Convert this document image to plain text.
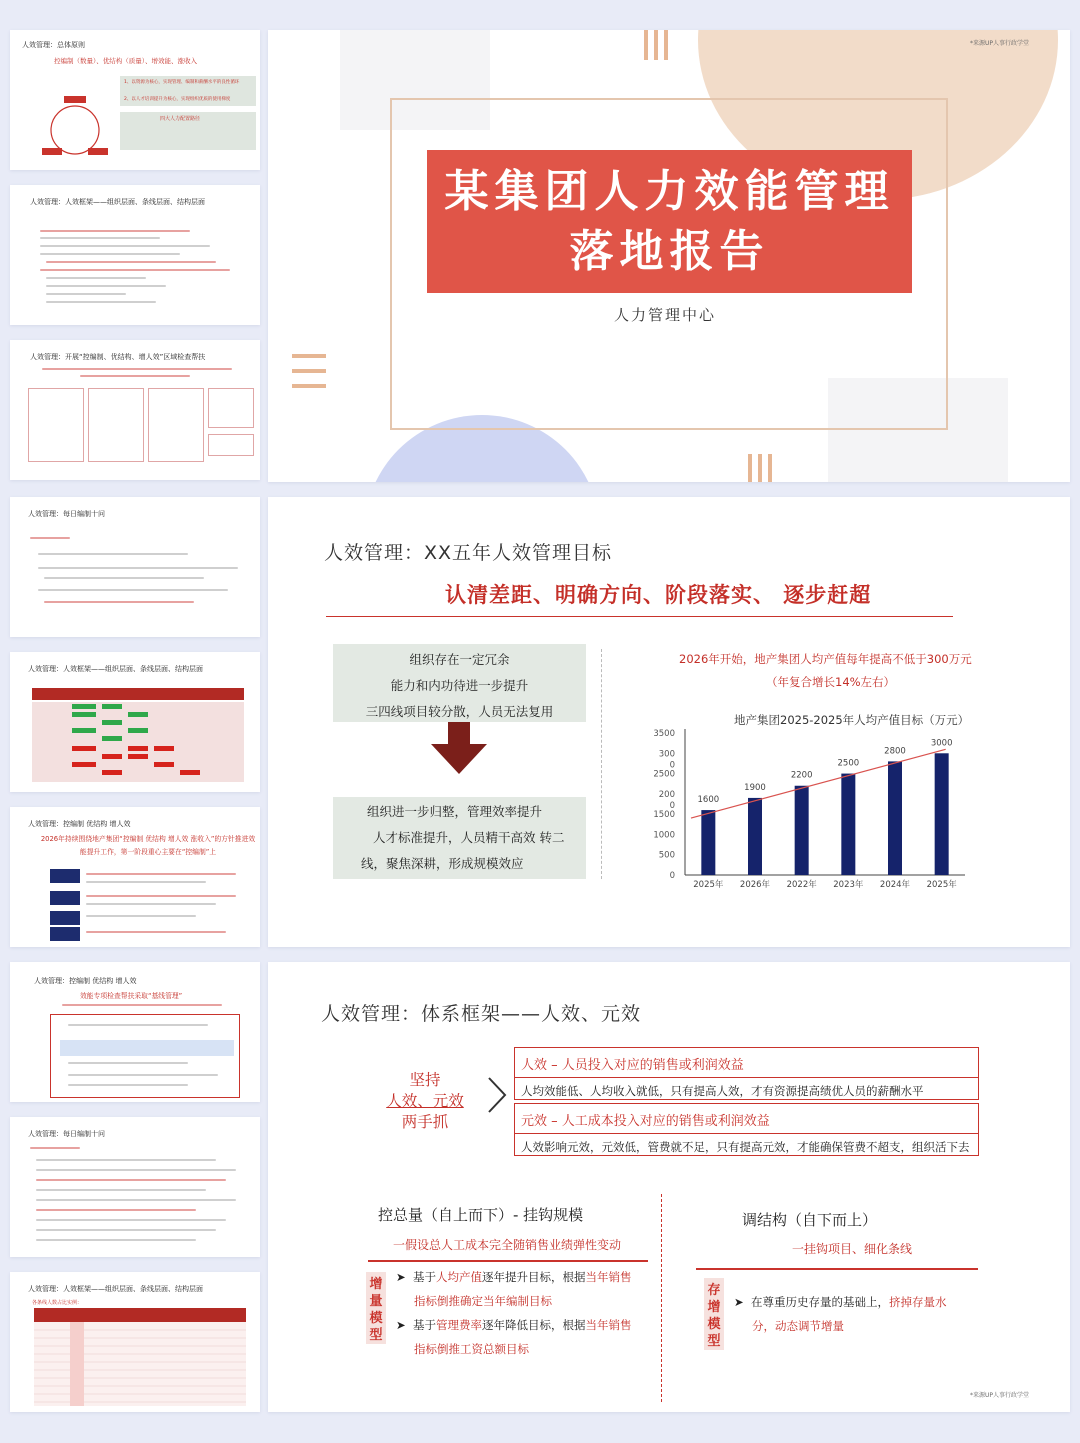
人效管理：总体原则
控编制（数量）、优结构（质量）、增效能、涨收入
1、以资源为核心，实现管理、编制和薪酬水平的良性循环
2、以人才培训提升为核心，实现组织优质的使用梯度
四大人力配置路径
人效管理：人效框架——组织层面、条线层面、结构层面
人效管理：开展“控编制、优结构、增人效”区域检查帮扶
*来源UP人事行政学堂
某集团人力效能管理
落地报告
人力管理中心
人效管理：每日编制十问
人效管理：人效框架——组织层面、条线层面、结构层面
人效管理：控编制 优结构 增人效
2026年持续围绕地产集团“控编制 优结构 增人效 涨收入”的方针推进效能提升工作，第一阶段重心主要在“控编制”上
人效管理：XX五年人效管理目标
认清差距、明确方向、阶段落实、 逐步赶超
组织存在一定冗余
能力和内功待进一步提升
三四线项目较分散，人员无法复用
组织进一步归整，管理效率提升
人才标准提升，人员精干高效 转二
线，聚焦深耕，形成规模效应
2026年开始，地产集团人均产值每年提高不低于300万元
（年复合增长14%左右）
地产集团2025-2025年人均产值目标（万元）
3500
300
0
2500
200
0
1500
1000
500
0
1600
2025年
1900
2026年
2200
2022年
2500
2023年
2800
2024年
3000
2025年
人效管理：控编制 优结构 增人效
效能专项检查帮扶采取“基线管理”
人效管理：每日编制十问
人效管理：人效框架——组织层面、条线层面、结构层面
各条线人数占比实例：
*来源UP人事行政学堂
人效管理：体系框架——人效、元效
坚持
人效、元效
两手抓
人效 – 人员投入对应的销售或利润效益
人均效能低、人均收入就低，只有提高人效，才有资源提高绩优人员的薪酬水平
元效 – 人工成本投入对应的销售或利润效益
人效影响元效，元效低，管费就不足，只有提高元效，才能确保管费不超支，组织活下去
控总量（自上而下）- 挂钩规模
一假设总人工成本完全随销售业绩弹性变动
增量模型
➤  基于人均产值逐年提升目标，根据当年销售
指标倒推确定当年编制目标
➤  基于管理费率逐年降低目标，根据当年销售
指标倒推工资总额目标
调结构（自下而上）
一挂钩项目、细化条线
存增模型
➤  在尊重历史存量的基础上，挤掉存量水
分，动态调节增量
